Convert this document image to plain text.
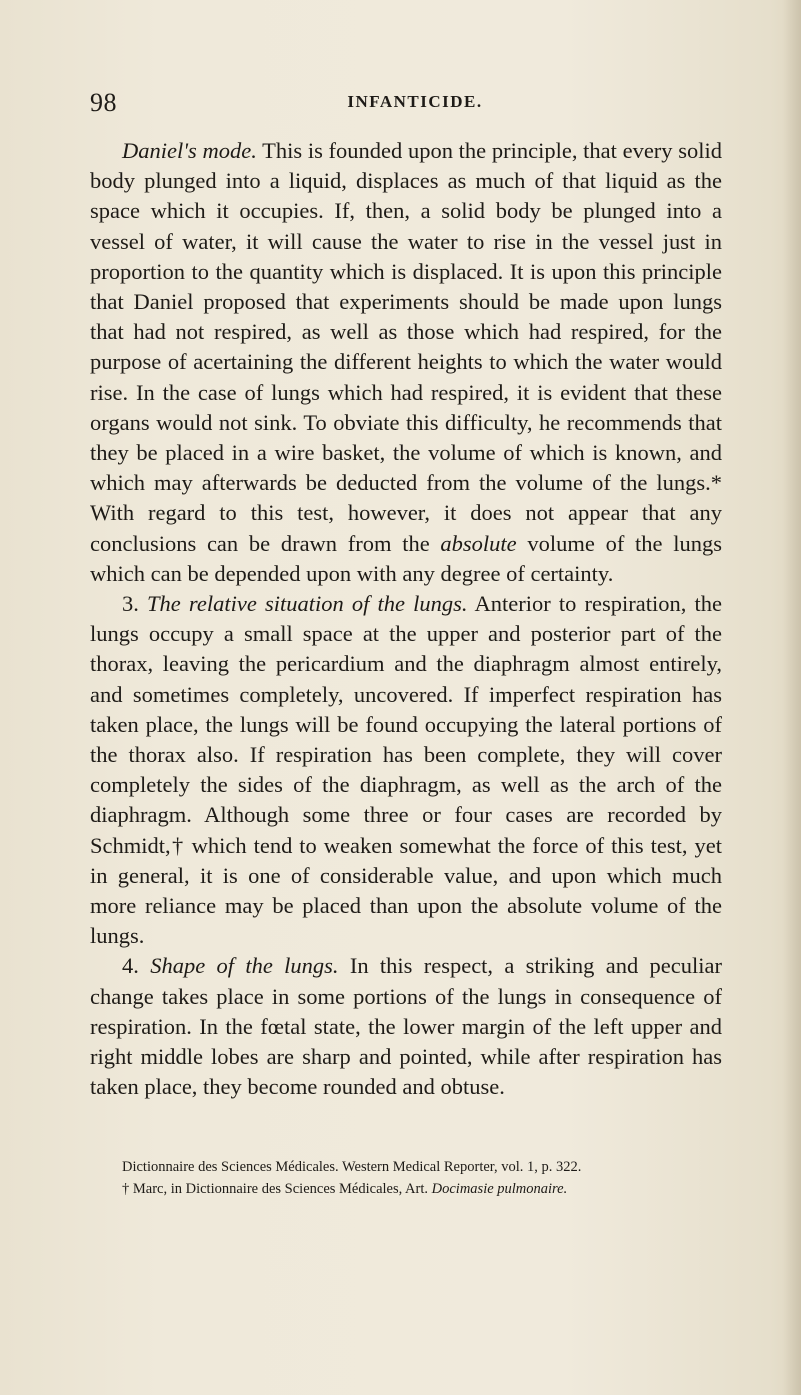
98	INFANTICIDE.

Daniel's mode. This is founded upon the principle, that every solid body plunged into a liquid, displaces as much of that liquid as the space which it occupies. If, then, a solid body be plunged into a vessel of water, it will cause the water to rise in the vessel just in proportion to the quantity which is displaced. It is upon this principle that Daniel proposed that experiments should be made upon lungs that had not respired, as well as those which had respired, for the purpose of acertaining the different heights to which the water would rise. In the case of lungs which had respired, it is evident that these organs would not sink. To obviate this difficulty, he recommends that they be placed in a wire basket, the volume of which is known, and which may afterwards be deducted from the volume of the lungs.* With regard to this test, however, it does not appear that any conclusions can be drawn from the absolute volume of the lungs which can be depended upon with any degree of certainty.

3. The relative situation of the lungs. Anterior to respiration, the lungs occupy a small space at the upper and posterior part of the thorax, leaving the pericardium and the diaphragm almost entirely, and sometimes completely, uncovered. If imperfect respiration has taken place, the lungs will be found occupying the lateral portions of the thorax also. If respiration has been complete, they will cover completely the sides of the diaphragm, as well as the arch of the diaphragm. Although some three or four cases are recorded by Schmidt,† which tend to weaken somewhat the force of this test, yet in general, it is one of considerable value, and upon which much more reliance may be placed than upon the absolute volume of the lungs.

4. Shape of the lungs. In this respect, a striking and peculiar change takes place in some portions of the lungs in consequence of respiration. In the fœtal state, the lower margin of the left upper and right middle lobes are sharp and pointed, while after respiration has taken place, they become rounded and obtuse.

Dictionnaire des Sciences Médicales. Western Medical Reporter, vol. 1, p. 322.

† Marc, in Dictionnaire des Sciences Médicales, Art. Docimasie pulmonaire.
